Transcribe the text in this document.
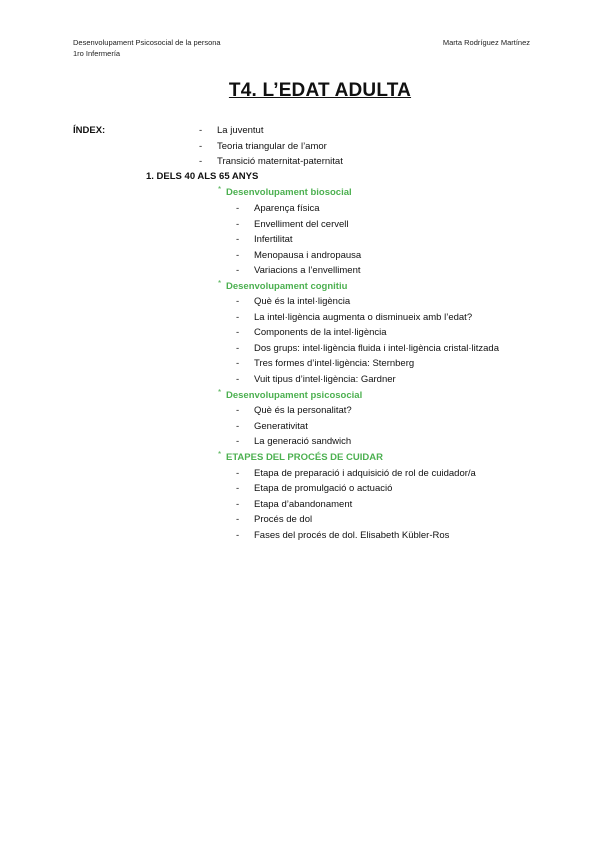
Desenvolupament Psicosocial de la persona
1ro Infermería
Marta Rodríguez Martínez
T4. L’EDAT ADULTA
ÍNDEX:	- La juventut
- Teoria triangular de l’amor
- Transició maternitat-paternitat
1. DELS 40 ALS 65 ANYS
* Desenvolupament biosocial
- Aparença física
- Envelliment del cervell
- Infertilitat
- Menopausa i andropausa
- Variacions a l’envelliment
* Desenvolupament cognitiu
- Què és la intel·ligència
- La intel·ligència augmenta o disminueix amb l’edat?
- Components de la intel·ligència
- Dos grups: intel·ligència fluida i intel·ligència cristal·litzada
- Tres formes d’intel·ligència: Sternberg
- Vuit tipus d’intel·ligència: Gardner
* Desenvolupament psicosocial
- Què és la personalitat?
- Generativitat
- La generació sandwich
* ETAPES DEL PROCÉS DE CUIDAR
- Etapa de preparació i adquisició de rol de cuidador/a
- Etapa de promulgació o actuació
- Etapa d’abandonament
- Procés de dol
- Fases del procés de dol. Elisabeth Kübler-Ros
